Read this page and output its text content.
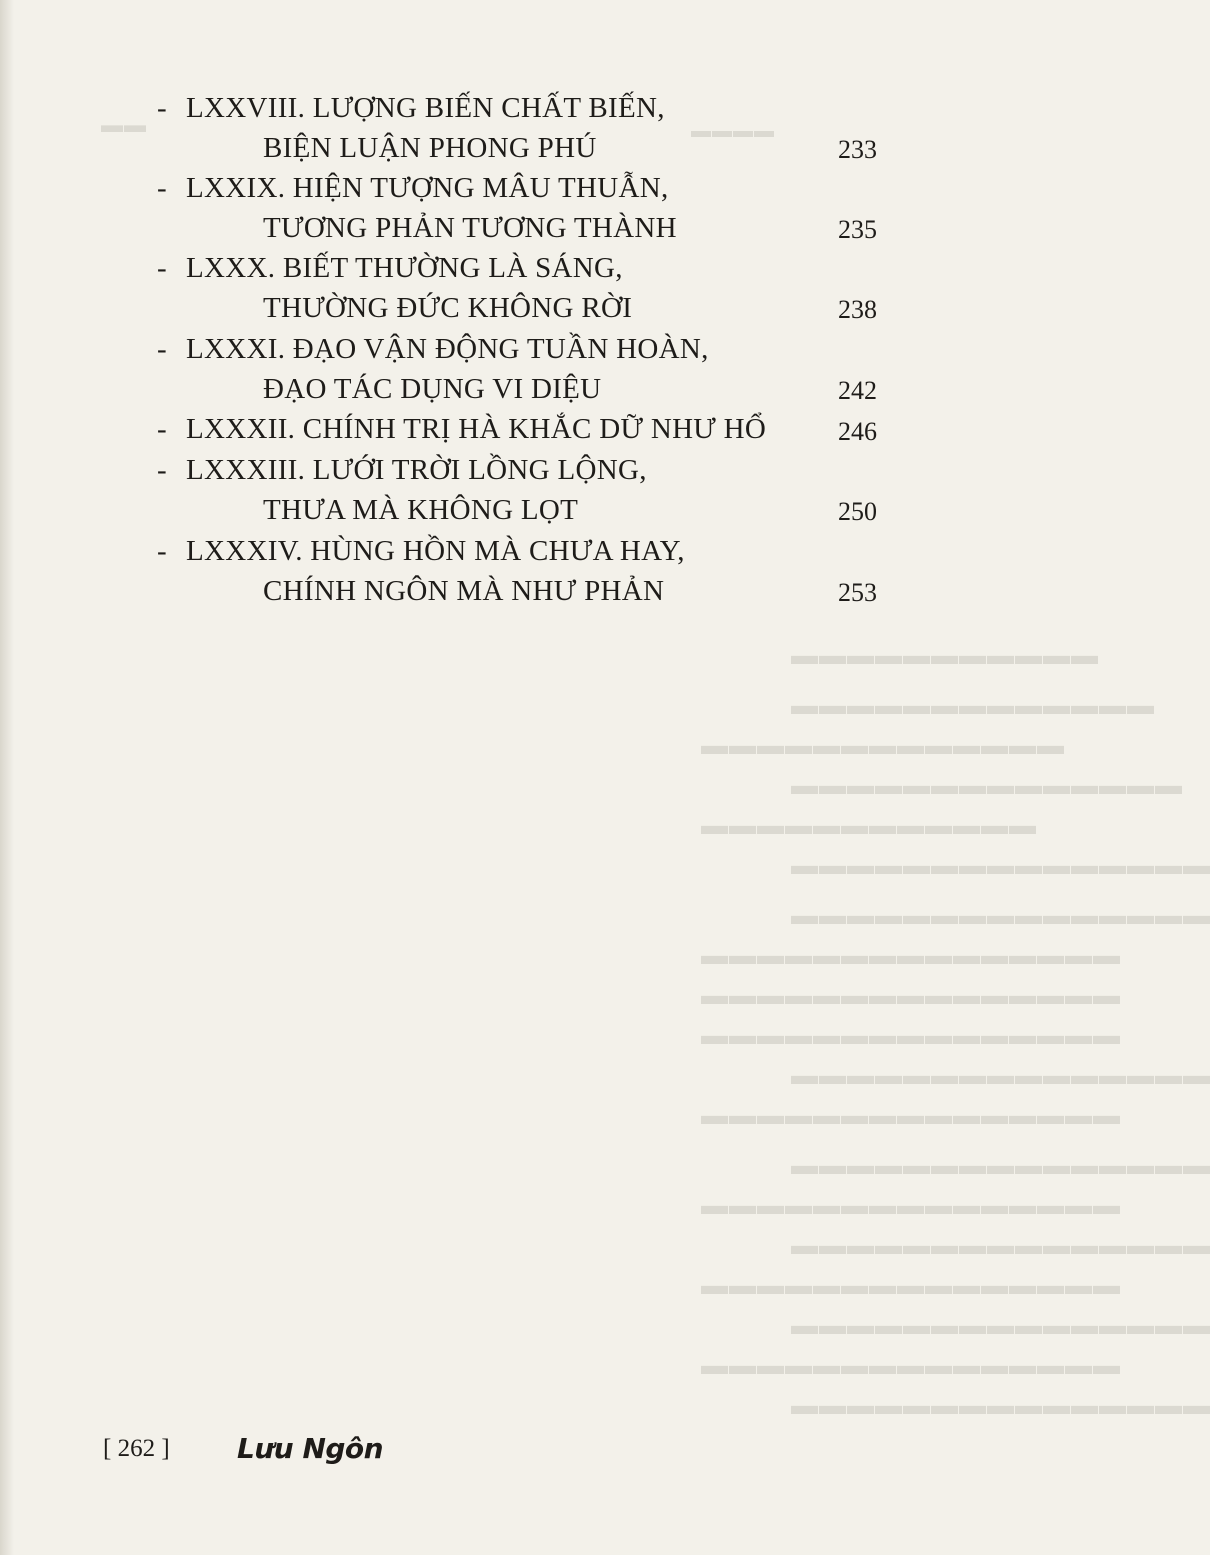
▬▬▬▬
▬▬
▬▬▬▬▬▬▬▬▬▬▬
▬▬▬▬▬▬▬▬▬▬▬▬▬
▬▬▬▬▬▬▬▬▬▬▬▬▬
▬▬▬▬▬▬▬▬▬▬▬▬▬▬
▬▬▬▬▬▬▬▬▬▬▬▬
▬▬▬▬▬▬▬▬▬▬▬▬▬▬▬
▬▬▬▬▬▬▬▬▬▬▬▬▬▬▬
▬▬▬▬▬▬▬▬▬▬▬▬▬▬▬
▬▬▬▬▬▬▬▬▬▬▬▬▬▬▬
▬▬▬▬▬▬▬▬▬▬▬▬▬▬▬
▬▬▬▬▬▬▬▬▬▬▬▬▬▬▬
▬▬▬▬▬▬▬▬▬▬▬▬▬▬▬
▬▬▬▬▬▬▬▬▬▬▬▬▬▬▬
▬▬▬▬▬▬▬▬▬▬▬▬▬▬▬
▬▬▬▬▬▬▬▬▬▬▬▬▬▬▬
▬▬▬▬▬▬▬▬▬▬▬▬▬▬▬
▬▬▬▬▬▬▬▬▬▬▬▬▬▬▬
▬▬▬▬▬▬▬▬▬▬▬▬▬▬▬
▬▬▬▬▬▬▬▬▬▬▬▬▬▬▬
- LXXVIII. LƯỢNG BIẾN CHẤT BIẾN,
BIỆN LUẬN PHONG PHÚ	233
- LXXIX. HIỆN TƯỢNG MÂU THUẪN,
TƯƠNG PHẢN TƯƠNG THÀNH	235
- LXXX. BIẾT THƯỜNG LÀ SÁNG,
THƯỜNG ĐỨC KHÔNG RỜI	238
- LXXXI. ĐẠO VẬN ĐỘNG TUẦN HOÀN,
ĐẠO TÁC DỤNG VI DIỆU	242
- LXXXII. CHÍNH TRỊ HÀ KHẮC DỮ NHƯ HỔ	246
- LXXXIII. LƯỚI TRỜI LỒNG LỘNG,
THƯA MÀ KHÔNG LỌT	250
- LXXXIV. HÙNG HỒN MÀ CHƯA HAY,
CHÍNH NGÔN MÀ NHƯ PHẢN	253
[ 262 ] Lưu Ngôn
